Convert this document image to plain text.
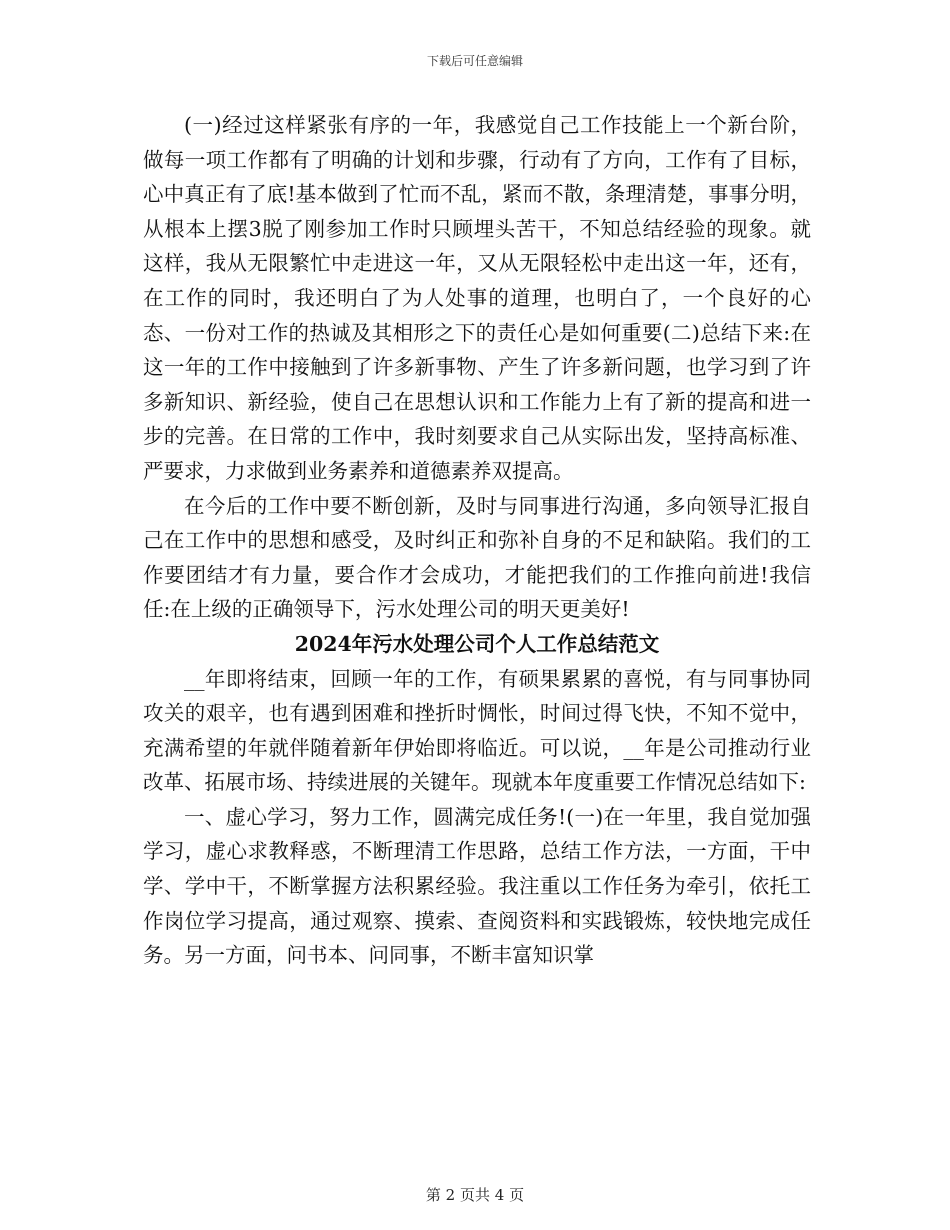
下载后可任意编辑

(一)经过这样紧张有序的一年，我感觉自己工作技能上一个新台阶，做每一项工作都有了明确的计划和步骤，行动有了方向，工作有了目标，心中真正有了底!基本做到了忙而不乱，紧而不散，条理清楚，事事分明，从根本上摆3脱了刚参加工作时只顾埋头苦干，不知总结经验的现象。就这样，我从无限繁忙中走进这一年，又从无限轻松中走出这一年，还有，在工作的同时，我还明白了为人处事的道理，也明白了，一个良好的心态、一份对工作的热诚及其相形之下的责任心是如何重要(二)总结下来:在这一年的工作中接触到了许多新事物、产生了许多新问题，也学习到了许多新知识、新经验，使自己在思想认识和工作能力上有了新的提高和进一步的完善。在日常的工作中，我时刻要求自己从实际出发，坚持高标准、严要求，力求做到业务素养和道德素养双提高。

在今后的工作中要不断创新，及时与同事进行沟通，多向领导汇报自己在工作中的思想和感受，及时纠正和弥补自身的不足和缺陷。我们的工作要团结才有力量，要合作才会成功，才能把我们的工作推向前进!我信任:在上级的正确领导下，污水处理公司的明天更美好!

2024年污水处理公司个人工作总结范文

__年即将结束，回顾一年的工作，有硕果累累的喜悦，有与同事协同攻关的艰辛，也有遇到困难和挫折时惆怅，时间过得飞快，不知不觉中，充满希望的年就伴随着新年伊始即将临近。可以说，__年是公司推动行业改革、拓展市场、持续进展的关键年。现就本年度重要工作情况总结如下:

一、虚心学习，努力工作，圆满完成任务!(一)在一年里，我自觉加强学习，虚心求教释惑，不断理清工作思路，总结工作方法，一方面，干中学、学中干，不断掌握方法积累经验。我注重以工作任务为牵引，依托工作岗位学习提高，通过观察、摸索、查阅资料和实践锻炼，较快地完成任务。另一方面，问书本、问同事，不断丰富知识掌

第 2 页共 4 页
